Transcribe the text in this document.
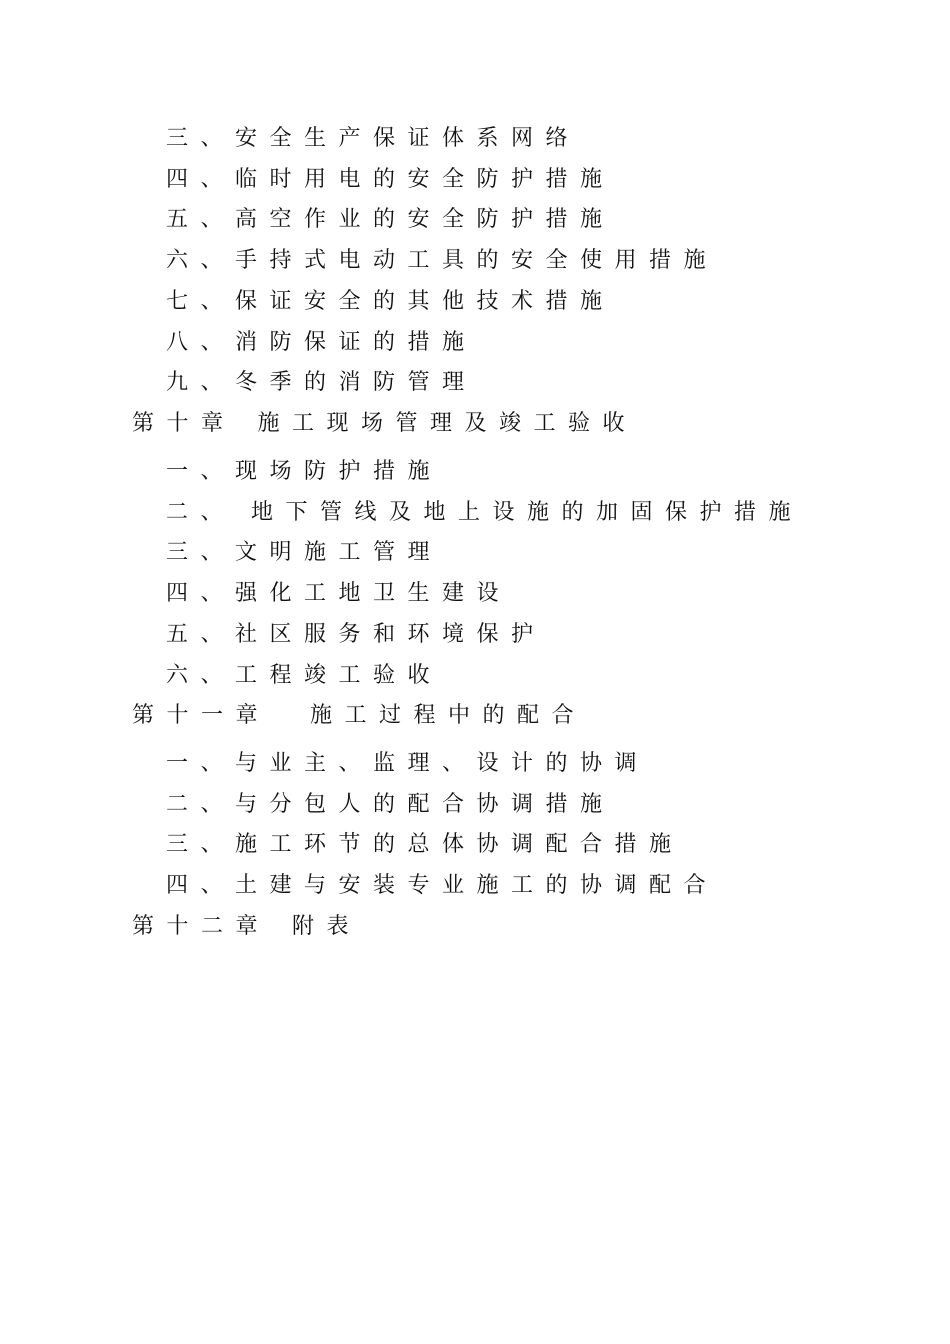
三、安全生产保证体系网络
四、临时用电的安全防护措施
五、高空作业的安全防护措施
六、手持式电动工具的安全使用措施
七、保证安全的其他技术措施
八、消防保证的措施
九、冬季的消防管理
第十章 施工现场管理及竣工验收
一、现场防护措施
二、 地下管线及地上设施的加固保护措施
三、文明施工管理
四、强化工地卫生建设
五、社区服务和环境保护
六、工程竣工验收
第十一章 施工过程中的配合
一、与业主、监理、设计的协调
二、与分包人的配合协调措施
三、施工环节的总体协调配合措施
四、土建与安装专业施工的协调配合
第十二章 附表
